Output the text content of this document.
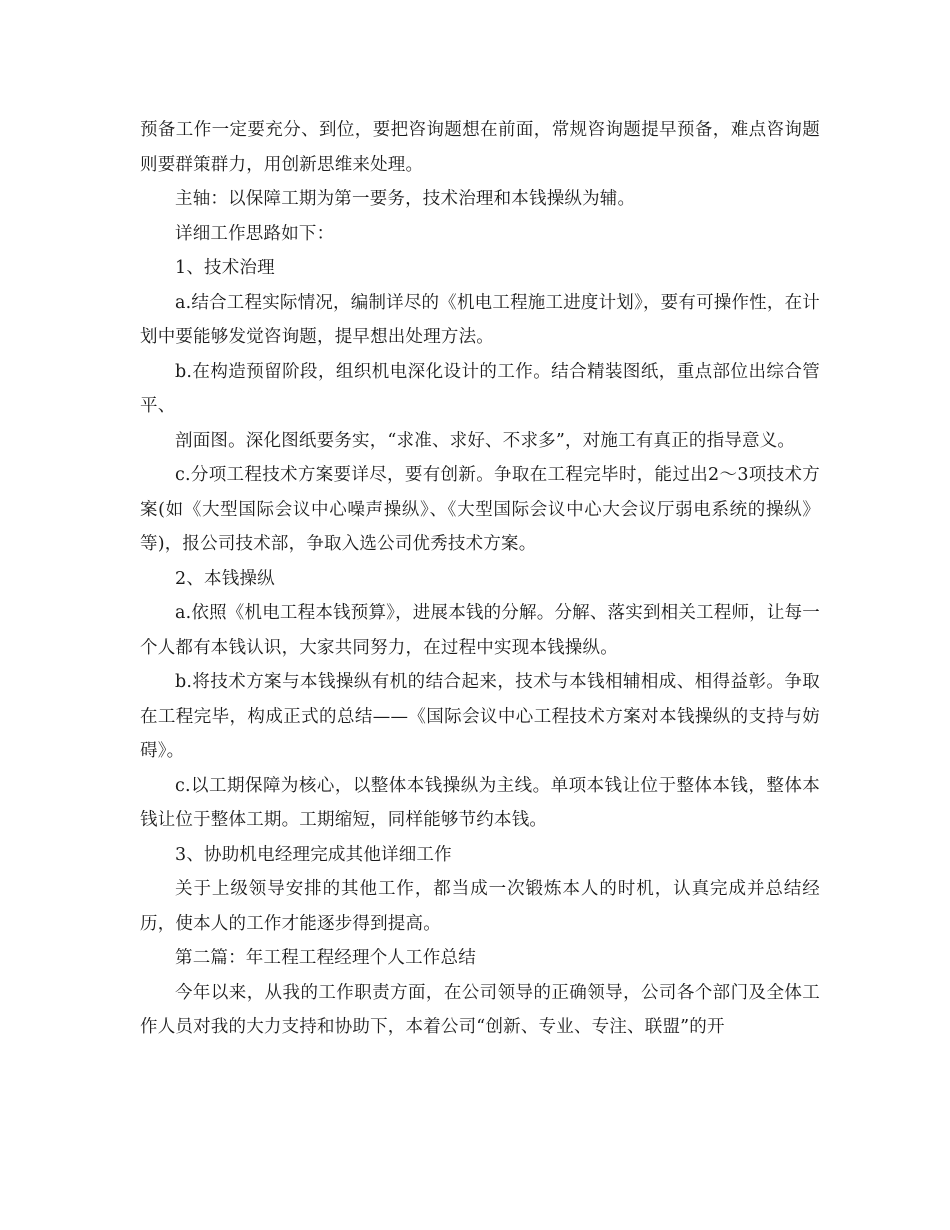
预备工作一定要充分、到位，要把咨询题想在前面，常规咨询题提早预备，难点咨询题则要群策群力，用创新思维来处理。

主轴：以保障工期为第一要务，技术治理和本钱操纵为辅。

详细工作思路如下：

1、技术治理

a.结合工程实际情况，编制详尽的《机电工程施工进度计划》，要有可操作性，在计划中要能够发觉咨询题，提早想出处理方法。

b.在构造预留阶段，组织机电深化设计的工作。结合精装图纸，重点部位出综合管平、

剖面图。深化图纸要务实，“求准、求好、不求多”，对施工有真正的指导意义。

c.分项工程技术方案要详尽，要有创新。争取在工程完毕时，能过出2～3项技术方案(如《大型国际会议中心噪声操纵》、《大型国际会议中心大会议厅弱电系统的操纵》等)，报公司技术部，争取入选公司优秀技术方案。

2、本钱操纵

a.依照《机电工程本钱预算》，进展本钱的分解。分解、落实到相关工程师，让每一个人都有本钱认识，大家共同努力，在过程中实现本钱操纵。

b.将技术方案与本钱操纵有机的结合起来，技术与本钱相辅相成、相得益彰。争取在工程完毕，构成正式的总结——《国际会议中心工程技术方案对本钱操纵的支持与妨碍》。

c.以工期保障为核心，以整体本钱操纵为主线。单项本钱让位于整体本钱，整体本钱让位于整体工期。工期缩短，同样能够节约本钱。

3、协助机电经理完成其他详细工作

关于上级领导安排的其他工作，都当成一次锻炼本人的时机，认真完成并总结经历，使本人的工作才能逐步得到提高。

第二篇：年工程工程经理个人工作总结

今年以来，从我的工作职责方面，在公司领导的正确领导，公司各个部门及全体工作人员对我的大力支持和协助下，本着公司“创新、专业、专注、联盟”的开
